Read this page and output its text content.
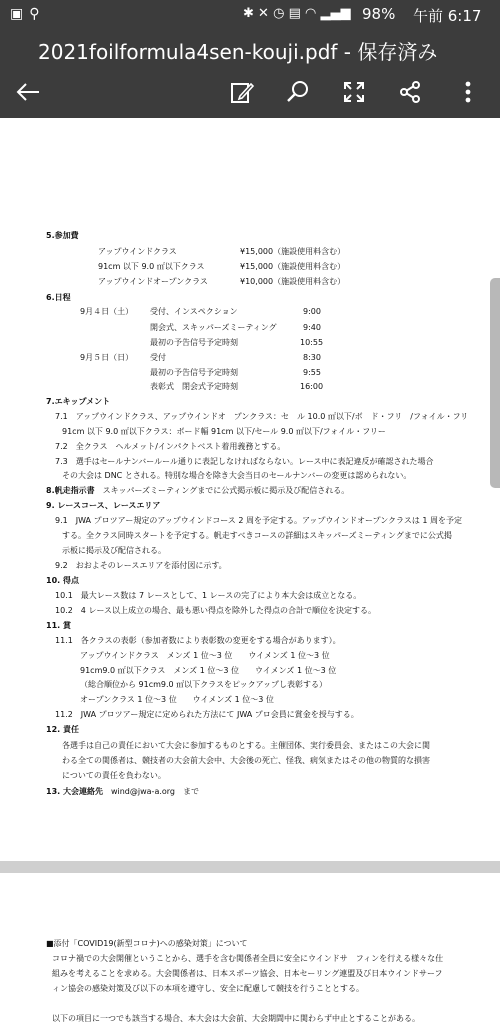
▣⚲	✱ ✕ ◷ ▤ ◠ ▂▄▆ 98% 午前 6:17
2021foilformula4sen-kouji.pdf - 保存済み
5.参加費
アップウインドクラス	¥15,000（施設使用料含む）
91cm 以下 9.0 ㎡以下クラス	¥15,000（施設使用料含む）
アップウインドオープンクラス	¥10,000（施設使用料含む）
6.日程
9月４日（土） 受付、インスペクション	9:00
開会式、スキッパーズミーティング	9:40
最初の予告信号予定時刻	10:55
9月５日（日） 受付	8:30
最初の予告信号予定時刻	9:55
表彰式　閉会式予定時刻	16:00
7.エキップメント
7.1　アップウインドクラス、アップウインドオ　プンクラス：セ　ル 10.0 ㎡以下/ボ　ド・フリ　/フォイル・フリ
91cm 以下 9.0 ㎡以下クラス：ボード幅 91cm 以下/セール 9.0 ㎡以下/フォイル・フリー
7.2　全クラス　ヘルメット/インパクトベスト着用義務とする。
7.3　選手はセールナンバールール通りに表記しなければならない。レース中に表記違反が確認された場合
その大会は DNC とされる。特別な場合を除き大会当日のセールナンバーの変更は認められない。
8.帆走指示書　 スキッパーズミーティングまでに公式掲示板に掲示及び配信される。
9. レースコース、レースエリア
9.1　JWA プロツアー規定のアップウインドコース 2 周を予定する。アップウインドオープンクラスは 1 周を予定
する。全クラス同時スタートを予定する。帆走すべきコースの詳細はスキッパーズミーティングまでに公式掲
示板に掲示及び配信される。
9.2　おおよそのレースエリアを添付図に示す。
10. 得点
10.1　最大レース数は 7 レースとして、1 レースの完了により本大会は成立となる。
10.2　4 レース以上成立の場合、最も悪い得点を除外した得点の合計で順位を決定する。
11. 賞
11.1　各クラスの表彰（参加者数により表彰数の変更をする場合があります）。
アップウインドクラス　メンズ 1 位～3 位　　ウイメンズ 1 位～3 位
91cm9.0 ㎡以下クラス　メンズ 1 位～3 位　　ウイメンズ 1 位～3 位
（総合順位から 91cm9.0 ㎡以下クラスをピックアップし表彰する）
オープンクラス 1 位～3 位　　ウイメンズ 1 位～3 位
11.2　JWA プロツアー規定に定められた方法にて JWA プロ会員に賞金を授与する。
12. 責任
各選手は自己の責任において大会に参加するものとする。主催団体、実行委員会、またはこの大会に関
わる全ての関係者は、競技者の大会前大会中、大会後の死亡、怪我、病気またはその他の物質的な損害
についての責任を負わない。
13. 大会連絡先　 wind@jwa-a.org　まで
■添付「COVID19(新型コロナ)への感染対策」について
コロナ禍での大会開催ということから、選手を含む関係者全員に安全にウインドサ　フィンを行える様々な仕
組みを考えることを求める。大会関係者は、日本スポーツ協会、日本セーリング連盟及び日本ウインドサーフ
ィン協会の感染対策及び以下の本項を遵守し、安全に配慮して競技を行うこととする。
以下の項目に一つでも該当する場合、本大会は大会前、大会期間中に関わらず中止とすることがある。
